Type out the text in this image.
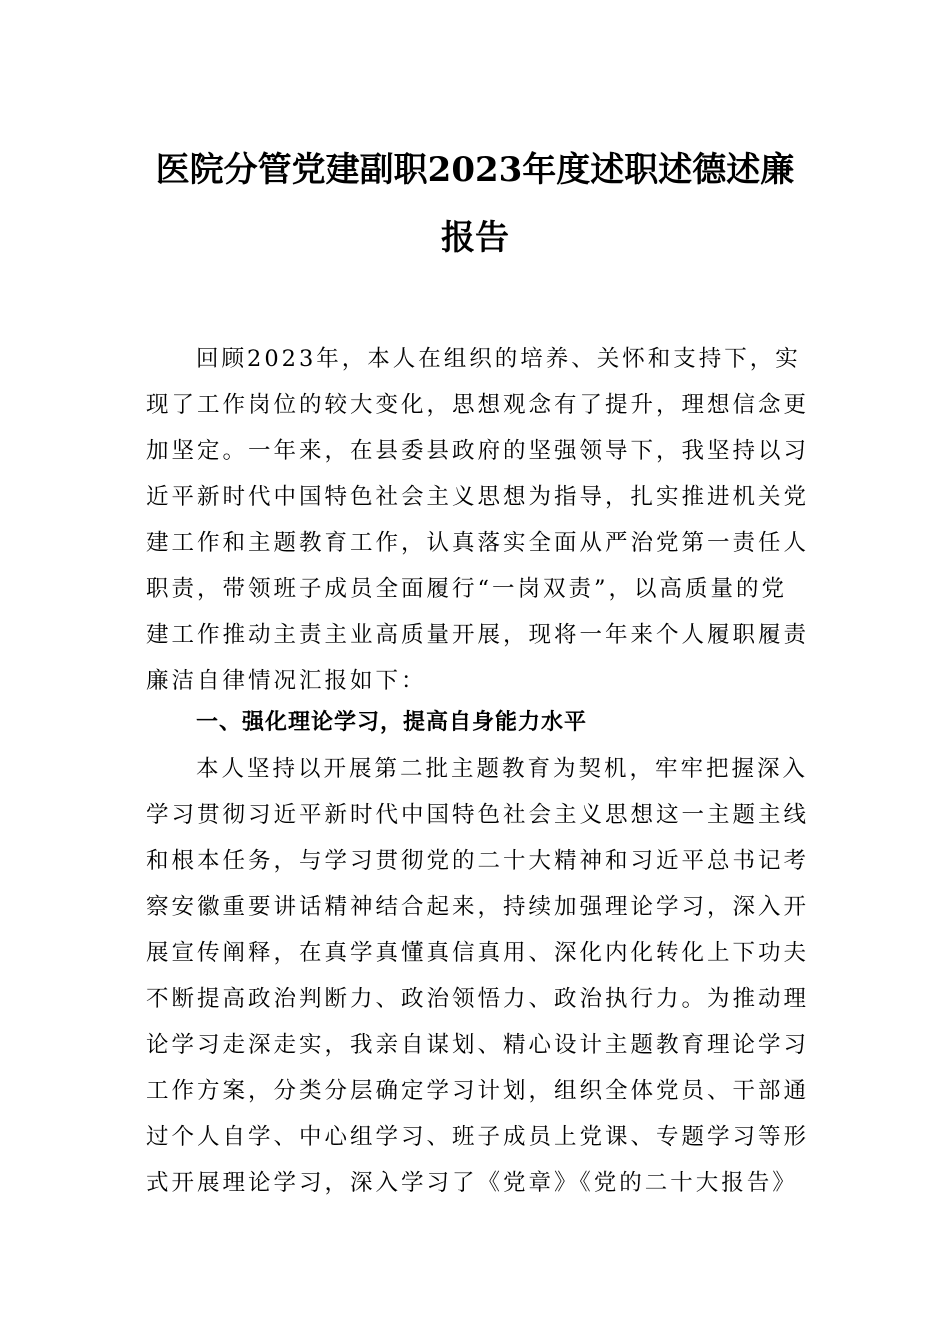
医院分管党建副职2023年度述职述德述廉
报告
回顾2023年，本人在组织的培养、关怀和支持下，实
现了工作岗位的较大变化，思想观念有了提升，理想信念更
加坚定。一年来，在县委县政府的坚强领导下，我坚持以习
近平新时代中国特色社会主义思想为指导，扎实推进机关党
建工作和主题教育工作，认真落实全面从严治党第一责任人
职责，带领班子成员全面履行“一岗双责”，以高质量的党
建工作推动主责主业高质量开展，现将一年来个人履职履责
廉洁自律情况汇报如下：
一、强化理论学习，提高自身能力水平
本人坚持以开展第二批主题教育为契机，牢牢把握深入
学习贯彻习近平新时代中国特色社会主义思想这一主题主线
和根本任务，与学习贯彻党的二十大精神和习近平总书记考
察安徽重要讲话精神结合起来，持续加强理论学习，深入开
展宣传阐释，在真学真懂真信真用、深化内化转化上下功夫
不断提高政治判断力、政治领悟力、政治执行力。为推动理
论学习走深走实，我亲自谋划、精心设计主题教育理论学习
工作方案，分类分层确定学习计划，组织全体党员、干部通
过个人自学、中心组学习、班子成员上党课、专题学习等形
式开展理论学习，深入学习了《党章》《党的二十大报告》
